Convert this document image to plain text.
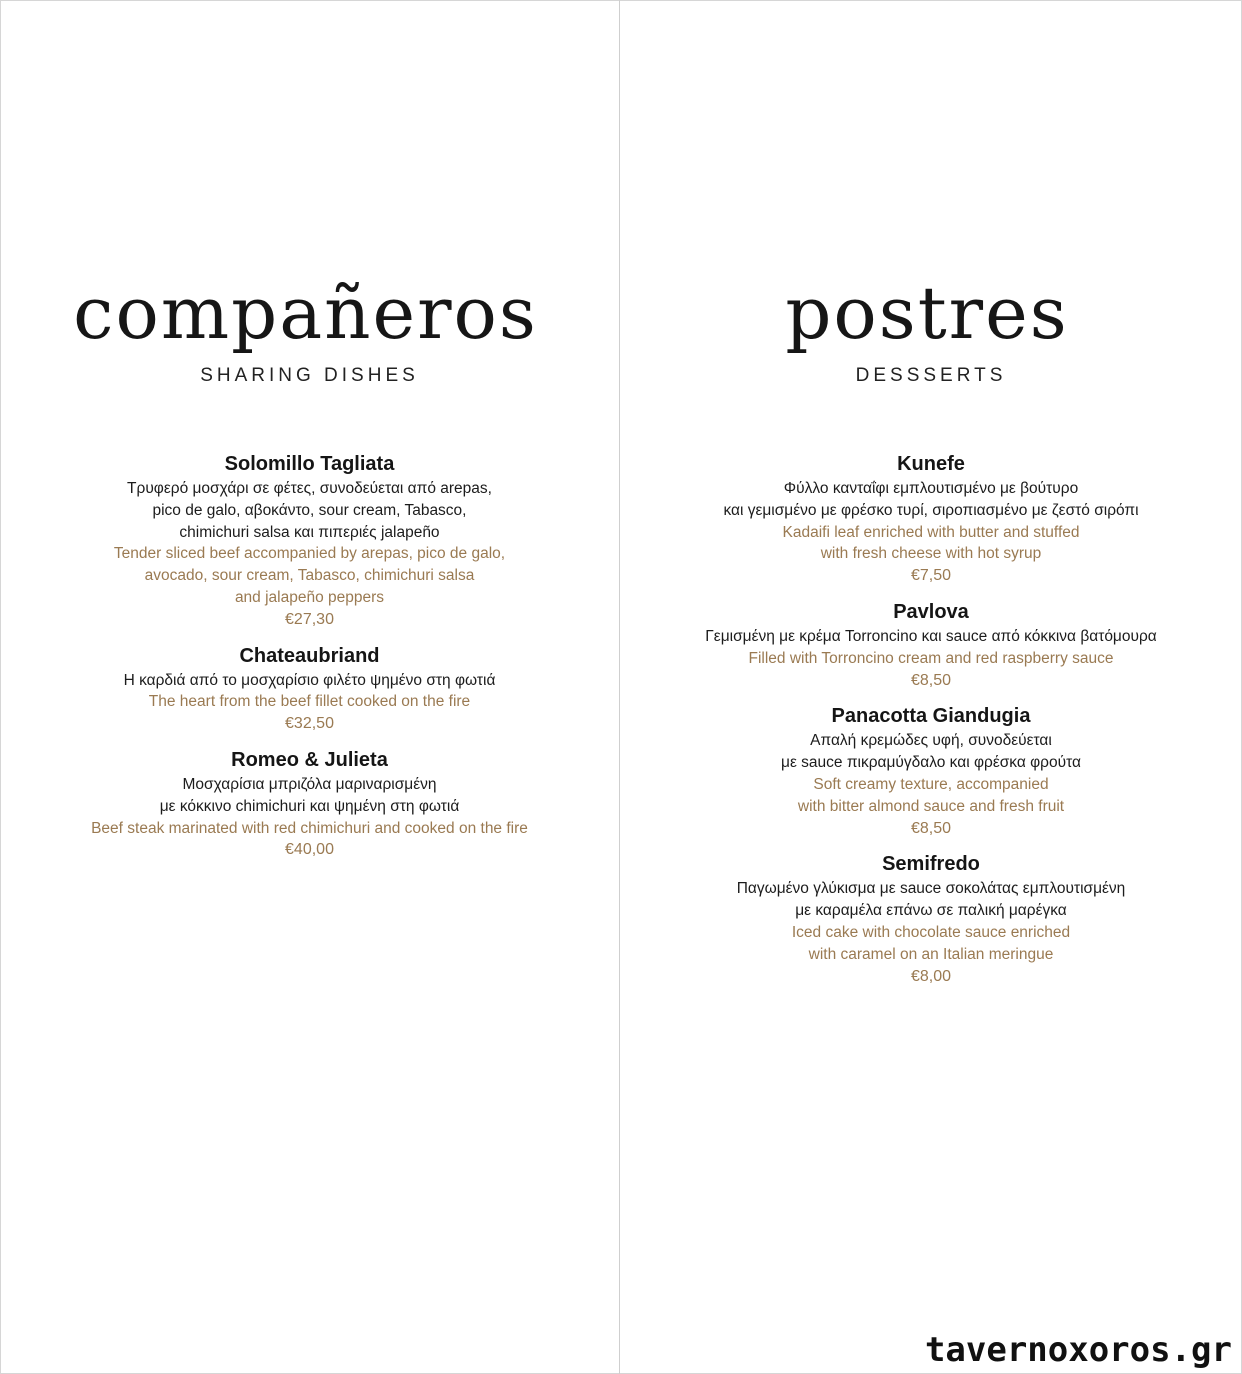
compañeros
SHARING DISHES
Solomillo Tagliata
Τρυφερό μοσχάρι σε φέτες, συνοδεύεται από arepas,
pico de galo, αβοκάντο, sour cream, Tabasco,
chimichuri salsa και πιπεριές jalapeño
Tender sliced beef accompanied by arepas, pico de galo,
avocado, sour cream, Tabasco, chimichuri salsa
and jalapeño peppers
€27,30
Chateaubriand
Η καρδιά από το μοσχαρίσιο φιλέτο ψημένο στη φωτιά
The heart from the beef fillet cooked on the fire
€32,50
Romeo & Julieta
Μοσχαρίσια μπριζόλα μαριναρισμένη
με κόκκινο chimichuri και ψημένη στη φωτιά
Beef steak marinated with red chimichuri and cooked on the fire
€40,00
postres
DESSSERTS
Kunefe
Φύλλο κανταΐφι εμπλουτισμένο με βούτυρο
και γεμισμένο με φρέσκο τυρί, σιροπιασμένο με ζεστό σιρόπι
Kadaifi leaf enriched with butter and stuffed
with fresh cheese with hot syrup
€7,50
Pavlova
Γεμισμένη με κρέμα Torroncino και sauce από κόκκινα βατόμουρα
Filled with Torroncino cream and red raspberry sauce
€8,50
Panacotta Giandugia
Απαλή κρεμώδες υφή, συνοδεύεται
με sauce πικραμύγδαλο και φρέσκα φρούτα
Soft creamy texture, accompanied
with bitter almond sauce and fresh fruit
€8,50
Semifredo
Παγωμένο γλύκισμα με sauce σοκολάτας εμπλουτισμένη
με καραμέλα επάνω σε παλική μαρέγκα
Iced cake with chocolate sauce enriched
with caramel on an Italian meringue
€8,00
tavernoxoros.gr
